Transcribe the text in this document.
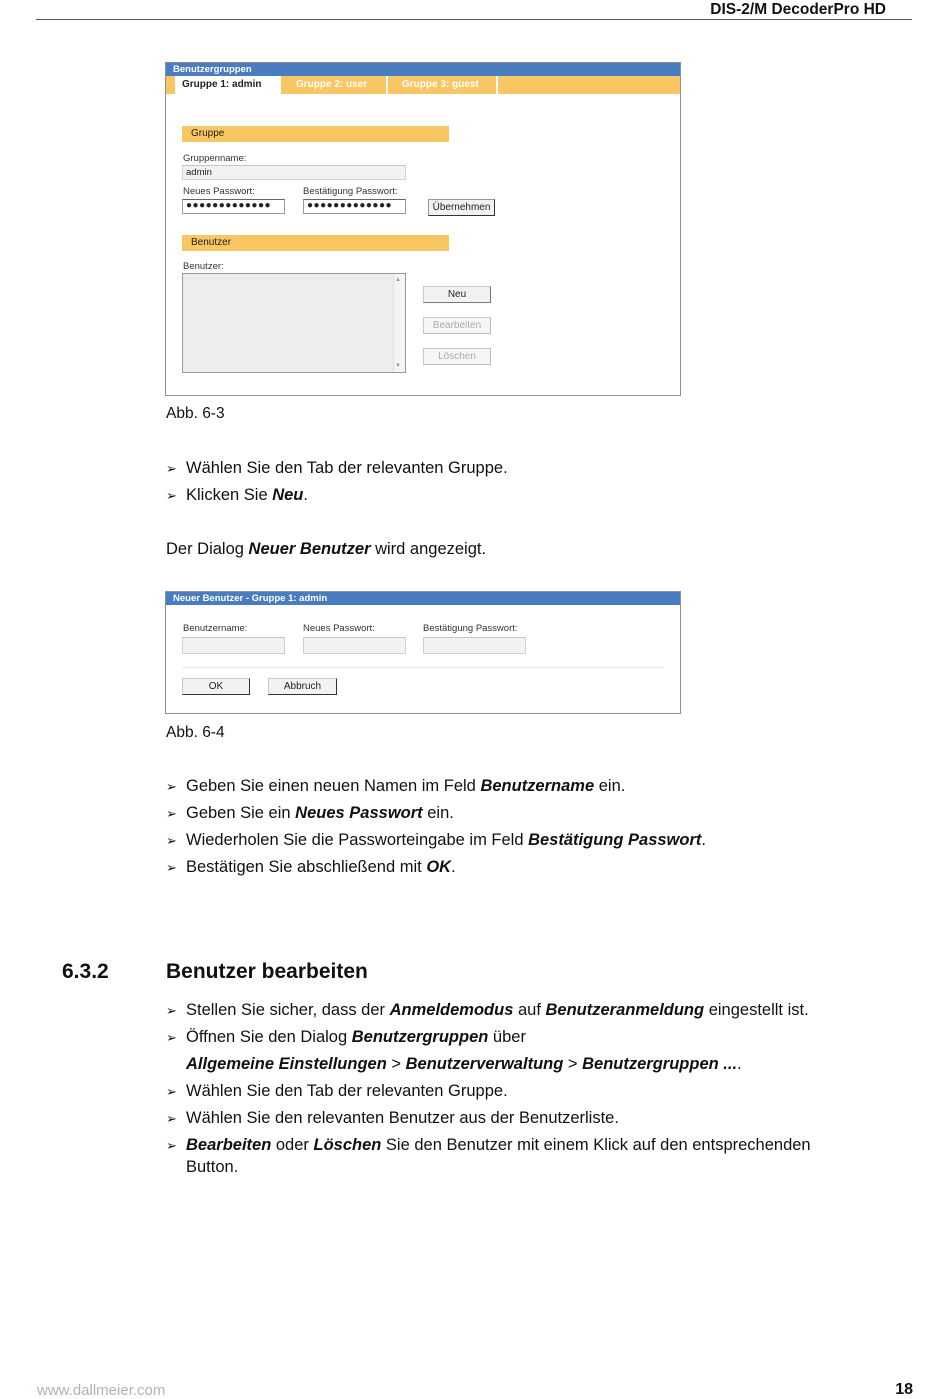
DIS-2/M DecoderPro HD
Benutzergruppen
Gruppe 1: admin	Gruppe 2: user	Gruppe 3: guest
Gruppe
Gruppenname:
admin
Neues Passwort:
●●●●●●●●●●●●●
Bestätigung Passwort:
●●●●●●●●●●●●●	Übernehmen
Benutzer
Benutzer:
▲
▼
Neu
Bearbeiten
Löschen
Abb. 6-3
➢ Wählen Sie den Tab der relevanten Gruppe.
➢ Klicken Sie Neu.
Der Dialog Neuer Benutzer wird angezeigt.
Neuer Benutzer - Gruppe 1: admin
Benutzername:	Neues Passwort:	Bestätigung Passwort:
OK	Abbruch
Abb. 6-4
➢ Geben Sie einen neuen Namen im Feld Benutzername ein.
➢ Geben Sie ein Neues Passwort ein.
➢ Wiederholen Sie die Passworteingabe im Feld Bestätigung Passwort.
➢ Bestätigen Sie abschließend mit OK.
6.3.2	Benutzer bearbeiten
➢ Stellen Sie sicher, dass der Anmeldemodus auf Benutzeranmeldung eingestellt ist.
➢ Öffnen Sie den Dialog Benutzergruppen über
Allgemeine Einstellungen > Benutzerverwaltung > Benutzergruppen ....
➢ Wählen Sie den Tab der relevanten Gruppe.
➢ Wählen Sie den relevanten Benutzer aus der Benutzerliste.
➢ Bearbeiten oder Löschen Sie den Benutzer mit einem Klick auf den entsprechenden
Button.
www.dallmeier.com	18
